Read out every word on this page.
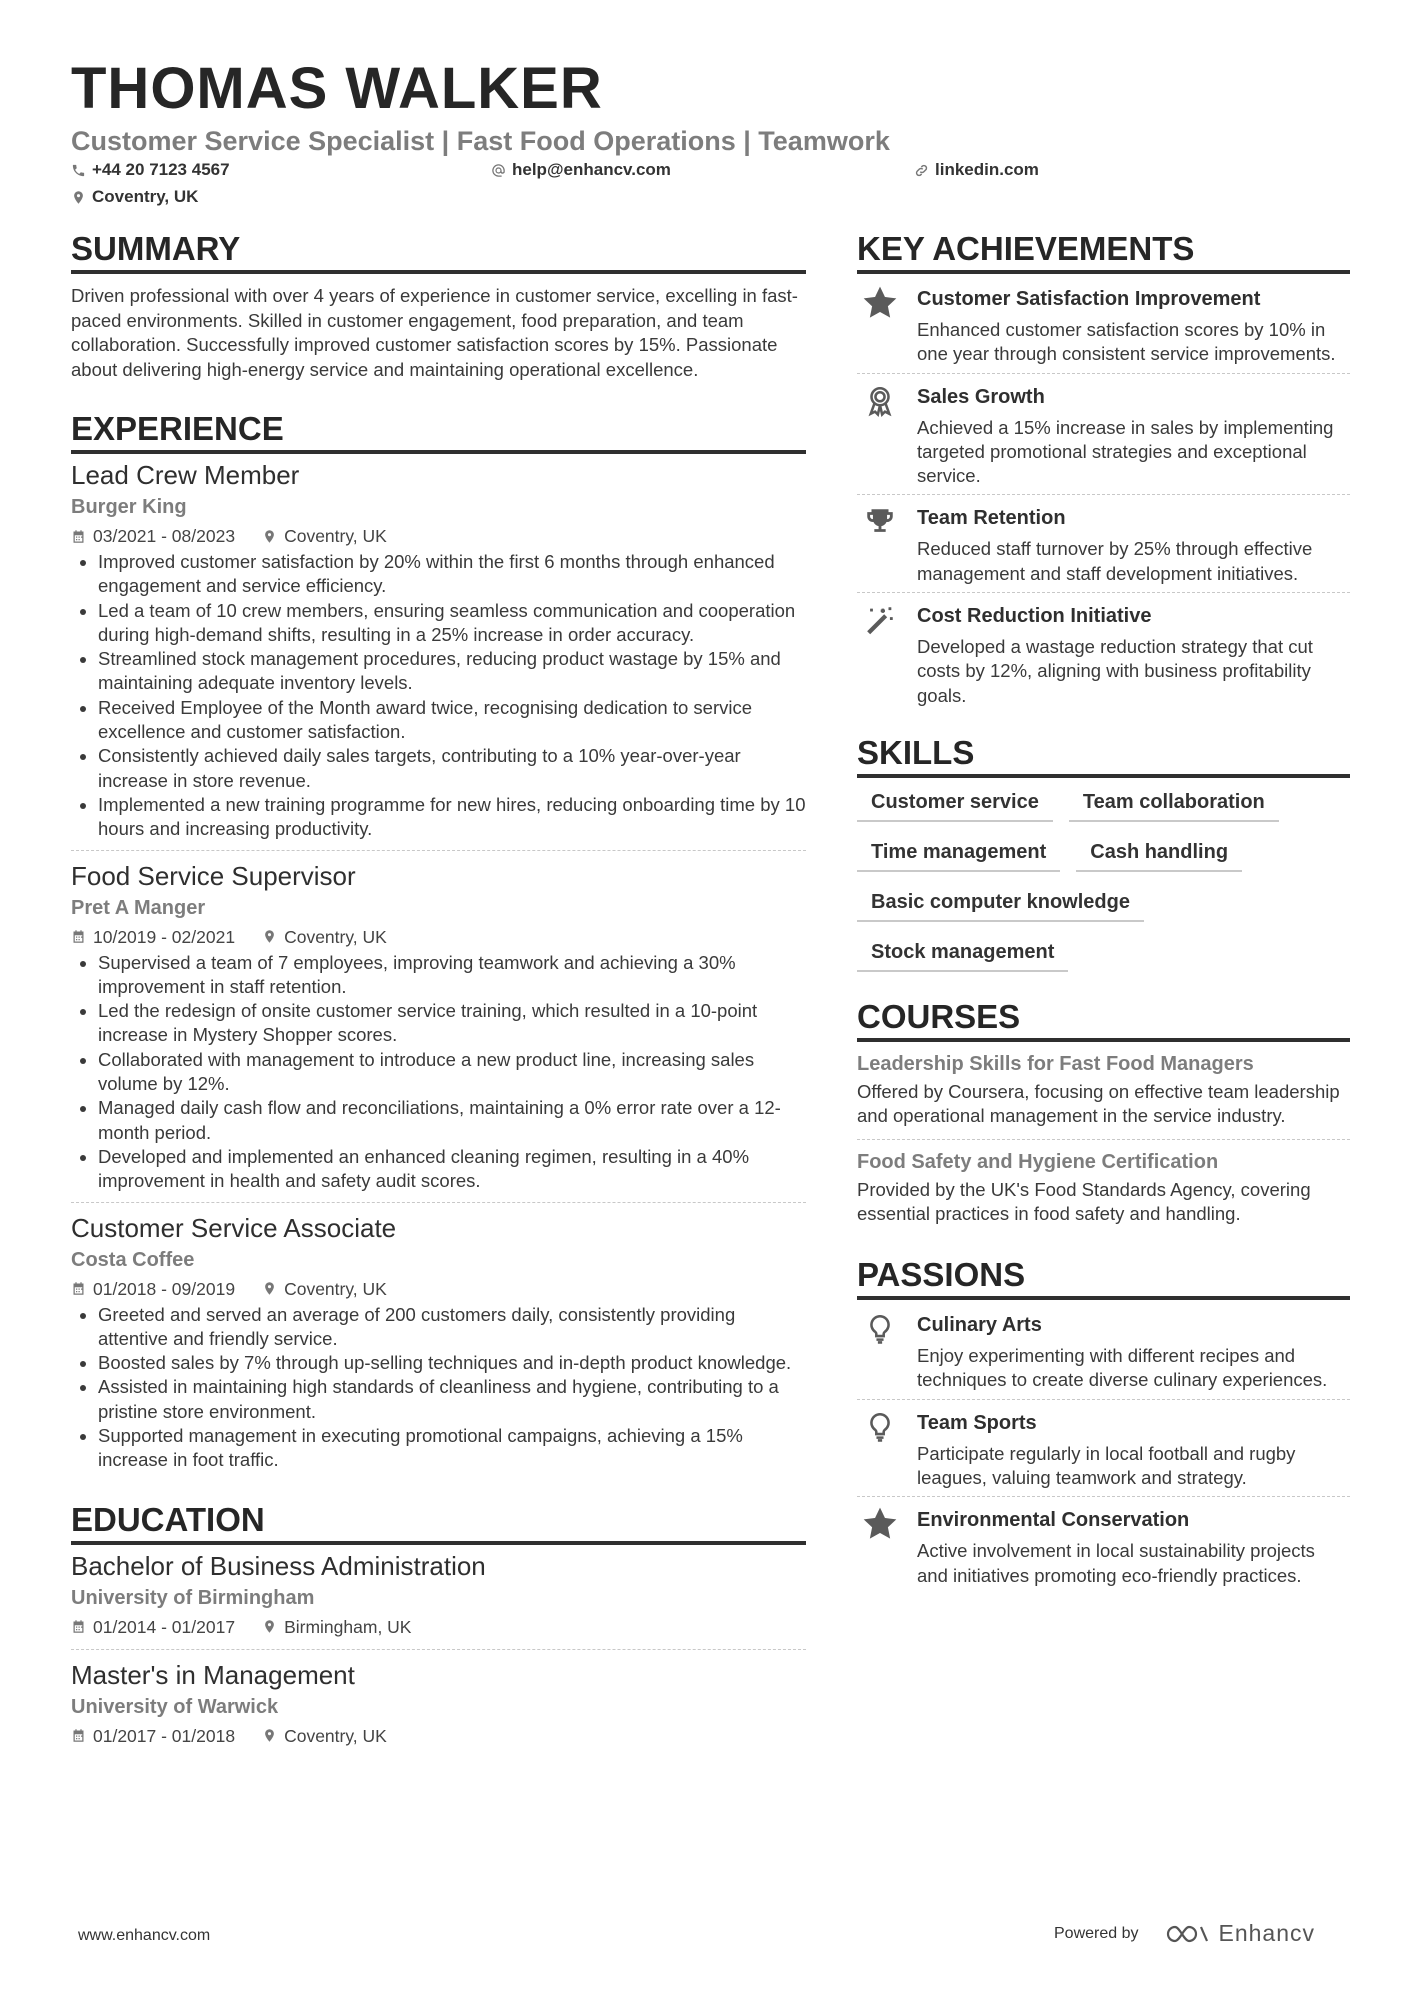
THOMAS WALKER
Customer Service Specialist | Fast Food Operations | Teamwork
+44 20 7123 4567	help@enhancv.com	linkedin.com
Coventry, UK
SUMMARY

Driven professional with over 4 years of experience in customer service, excelling in fast-paced environments. Skilled in customer engagement, food preparation, and team collaboration. Successfully improved customer satisfaction scores by 15%. Passionate about delivering high-energy service and maintaining operational excellence.

EXPERIENCE
Lead Crew Member
Burger King
03/2021 - 08/2023	Coventry, UK
• Improved customer satisfaction by 20% within the first 6 months through enhanced engagement and service efficiency.
• Led a team of 10 crew members, ensuring seamless communication and cooperation during high-demand shifts, resulting in a 25% increase in order accuracy.
• Streamlined stock management procedures, reducing product wastage by 15% and maintaining adequate inventory levels.
• Received Employee of the Month award twice, recognising dedication to service excellence and customer satisfaction.
• Consistently achieved daily sales targets, contributing to a 10% year-over-year increase in store revenue.
• Implemented a new training programme for new hires, reducing onboarding time by 10 hours and increasing productivity.
Food Service Supervisor
Pret A Manger
10/2019 - 02/2021	Coventry, UK
• Supervised a team of 7 employees, improving teamwork and achieving a 30% improvement in staff retention.
• Led the redesign of onsite customer service training, which resulted in a 10-point increase in Mystery Shopper scores.
• Collaborated with management to introduce a new product line, increasing sales volume by 12%.
• Managed daily cash flow and reconciliations, maintaining a 0% error rate over a 12-month period.
• Developed and implemented an enhanced cleaning regimen, resulting in a 40% improvement in health and safety audit scores.
Customer Service Associate
Costa Coffee
01/2018 - 09/2019	Coventry, UK
• Greeted and served an average of 200 customers daily, consistently providing attentive and friendly service.
• Boosted sales by 7% through up-selling techniques and in-depth product knowledge.
• Assisted in maintaining high standards of cleanliness and hygiene, contributing to a pristine store environment.
• Supported management in executing promotional campaigns, achieving a 15% increase in foot traffic.
EDUCATION
Bachelor of Business Administration
University of Birmingham
01/2014 - 01/2017	Birmingham, UK
Master's in Management
University of Warwick
01/2017 - 01/2018	Coventry, UK
KEY ACHIEVEMENTS
Customer Satisfaction Improvement
Enhanced customer satisfaction scores by 10% in one year through consistent service improvements.
Sales Growth
Achieved a 15% increase in sales by implementing targeted promotional strategies and exceptional service.
Team Retention
Reduced staff turnover by 25% through effective management and staff development initiatives.
Cost Reduction Initiative
Developed a wastage reduction strategy that cut costs by 12%, aligning with business profitability goals.
SKILLS
Customer service	Team collaboration
Time management	Cash handling
Basic computer knowledge
Stock management
COURSES
Leadership Skills for Fast Food Managers
Offered by Coursera, focusing on effective team leadership and operational management in the service industry.
Food Safety and Hygiene Certification
Provided by the UK's Food Standards Agency, covering essential practices in food safety and handling.
PASSIONS
Culinary Arts
Enjoy experimenting with different recipes and techniques to create diverse culinary experiences.
Team Sports
Participate regularly in local football and rugby leagues, valuing teamwork and strategy.
Environmental Conservation
Active involvement in local sustainability projects and initiatives promoting eco-friendly practices.
www.enhancv.com	Powered by	Enhancv
